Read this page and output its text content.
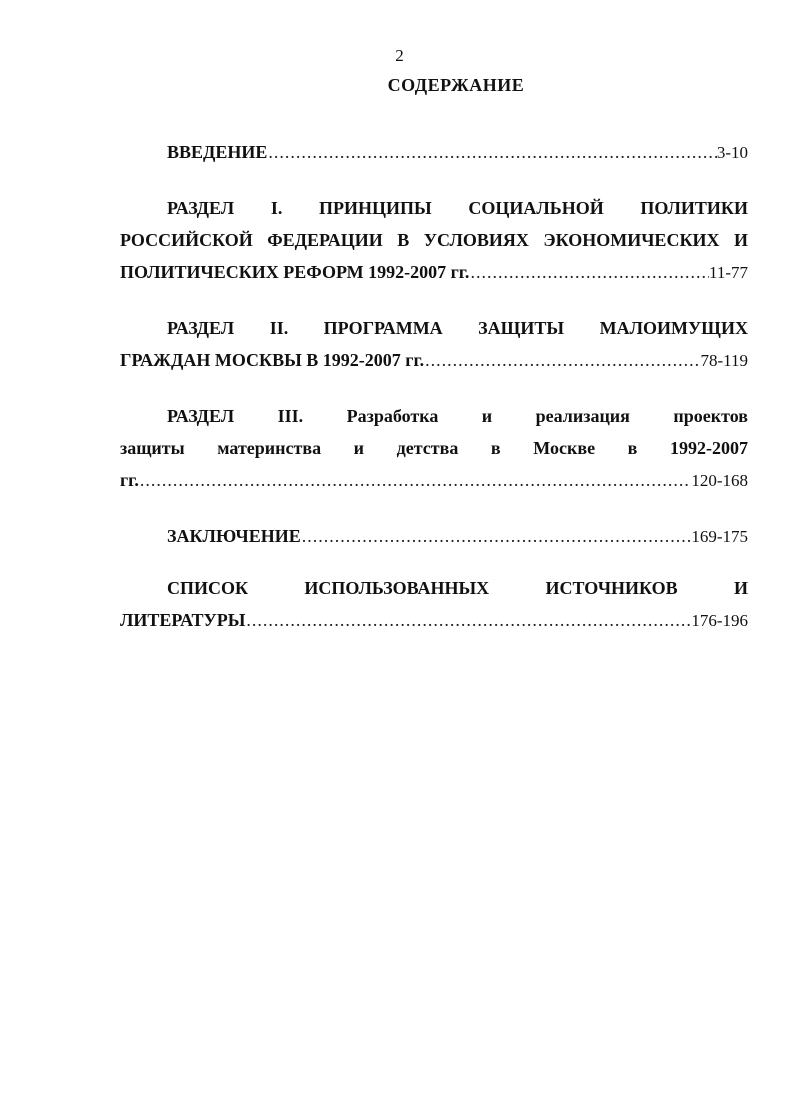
2
СОДЕРЖАНИЕ
ВВЕДЕНИЕ .....	3-10
РАЗДЕЛ I. ПРИНЦИПЫ СОЦИАЛЬНОЙ ПОЛИТИКИ
РОССИЙСКОЙ ФЕДЕРАЦИИ В УСЛОВИЯХ ЭКОНОМИЧЕСКИХ И
ПОЛИТИЧЕСКИХ РЕФОРМ 1992-2007 гг. .....	11-77
РАЗДЕЛ II. ПРОГРАММА ЗАЩИТЫ МАЛОИМУЩИХ
ГРАЖДАН МОСКВЫ В 1992-2007 гг. .....	78-119
РАЗДЕЛ III. Разработка и реализация проектов
защиты материнства и детства в Москве в 1992-2007
гг. .....	120-168
ЗАКЛЮЧЕНИЕ .....	169-175
СПИСОК	ИСПОЛЬЗОВАННЫХ	ИСТОЧНИКОВ	И
ЛИТЕРАТУРЫ .....	176-196
